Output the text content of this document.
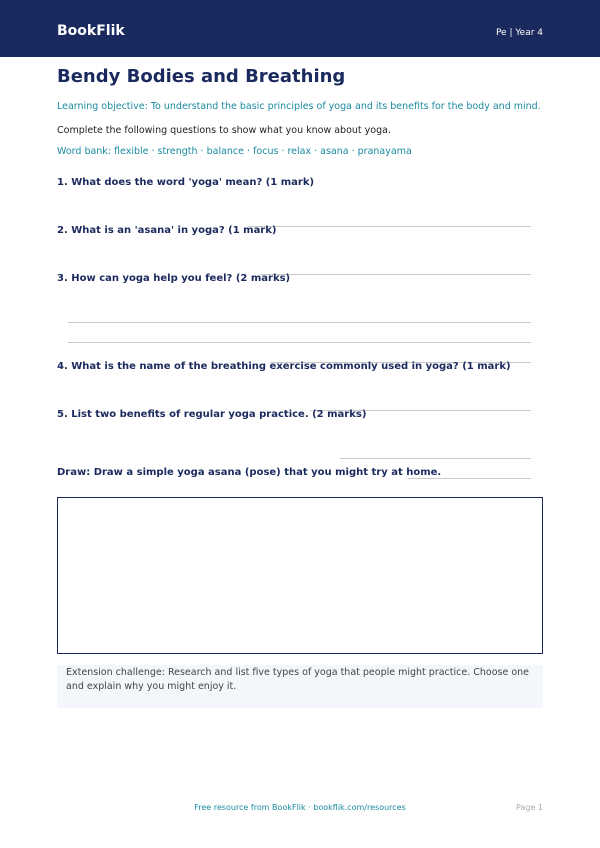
BookFlik	Pe | Year 4
Bendy Bodies and Breathing
Learning objective: To understand the basic principles of yoga and its benefits for the body and mind.
Complete the following questions to show what you know about yoga.
Word bank: flexible · strength · balance · focus · relax · asana · pranayama
1. What does the word 'yoga' mean? (1 mark)
2. What is an 'asana' in yoga? (1 mark)
3. How can yoga help you feel? (2 marks)
4. What is the name of the breathing exercise commonly used in yoga? (1 mark)
5. List two benefits of regular yoga practice. (2 marks)
Draw: Draw a simple yoga asana (pose) that you might try at home.
Extension challenge: Research and list five types of yoga that people might practice. Choose one and explain why you might enjoy it.
Free resource from BookFlik · bookflik.com/resources	Page 1
